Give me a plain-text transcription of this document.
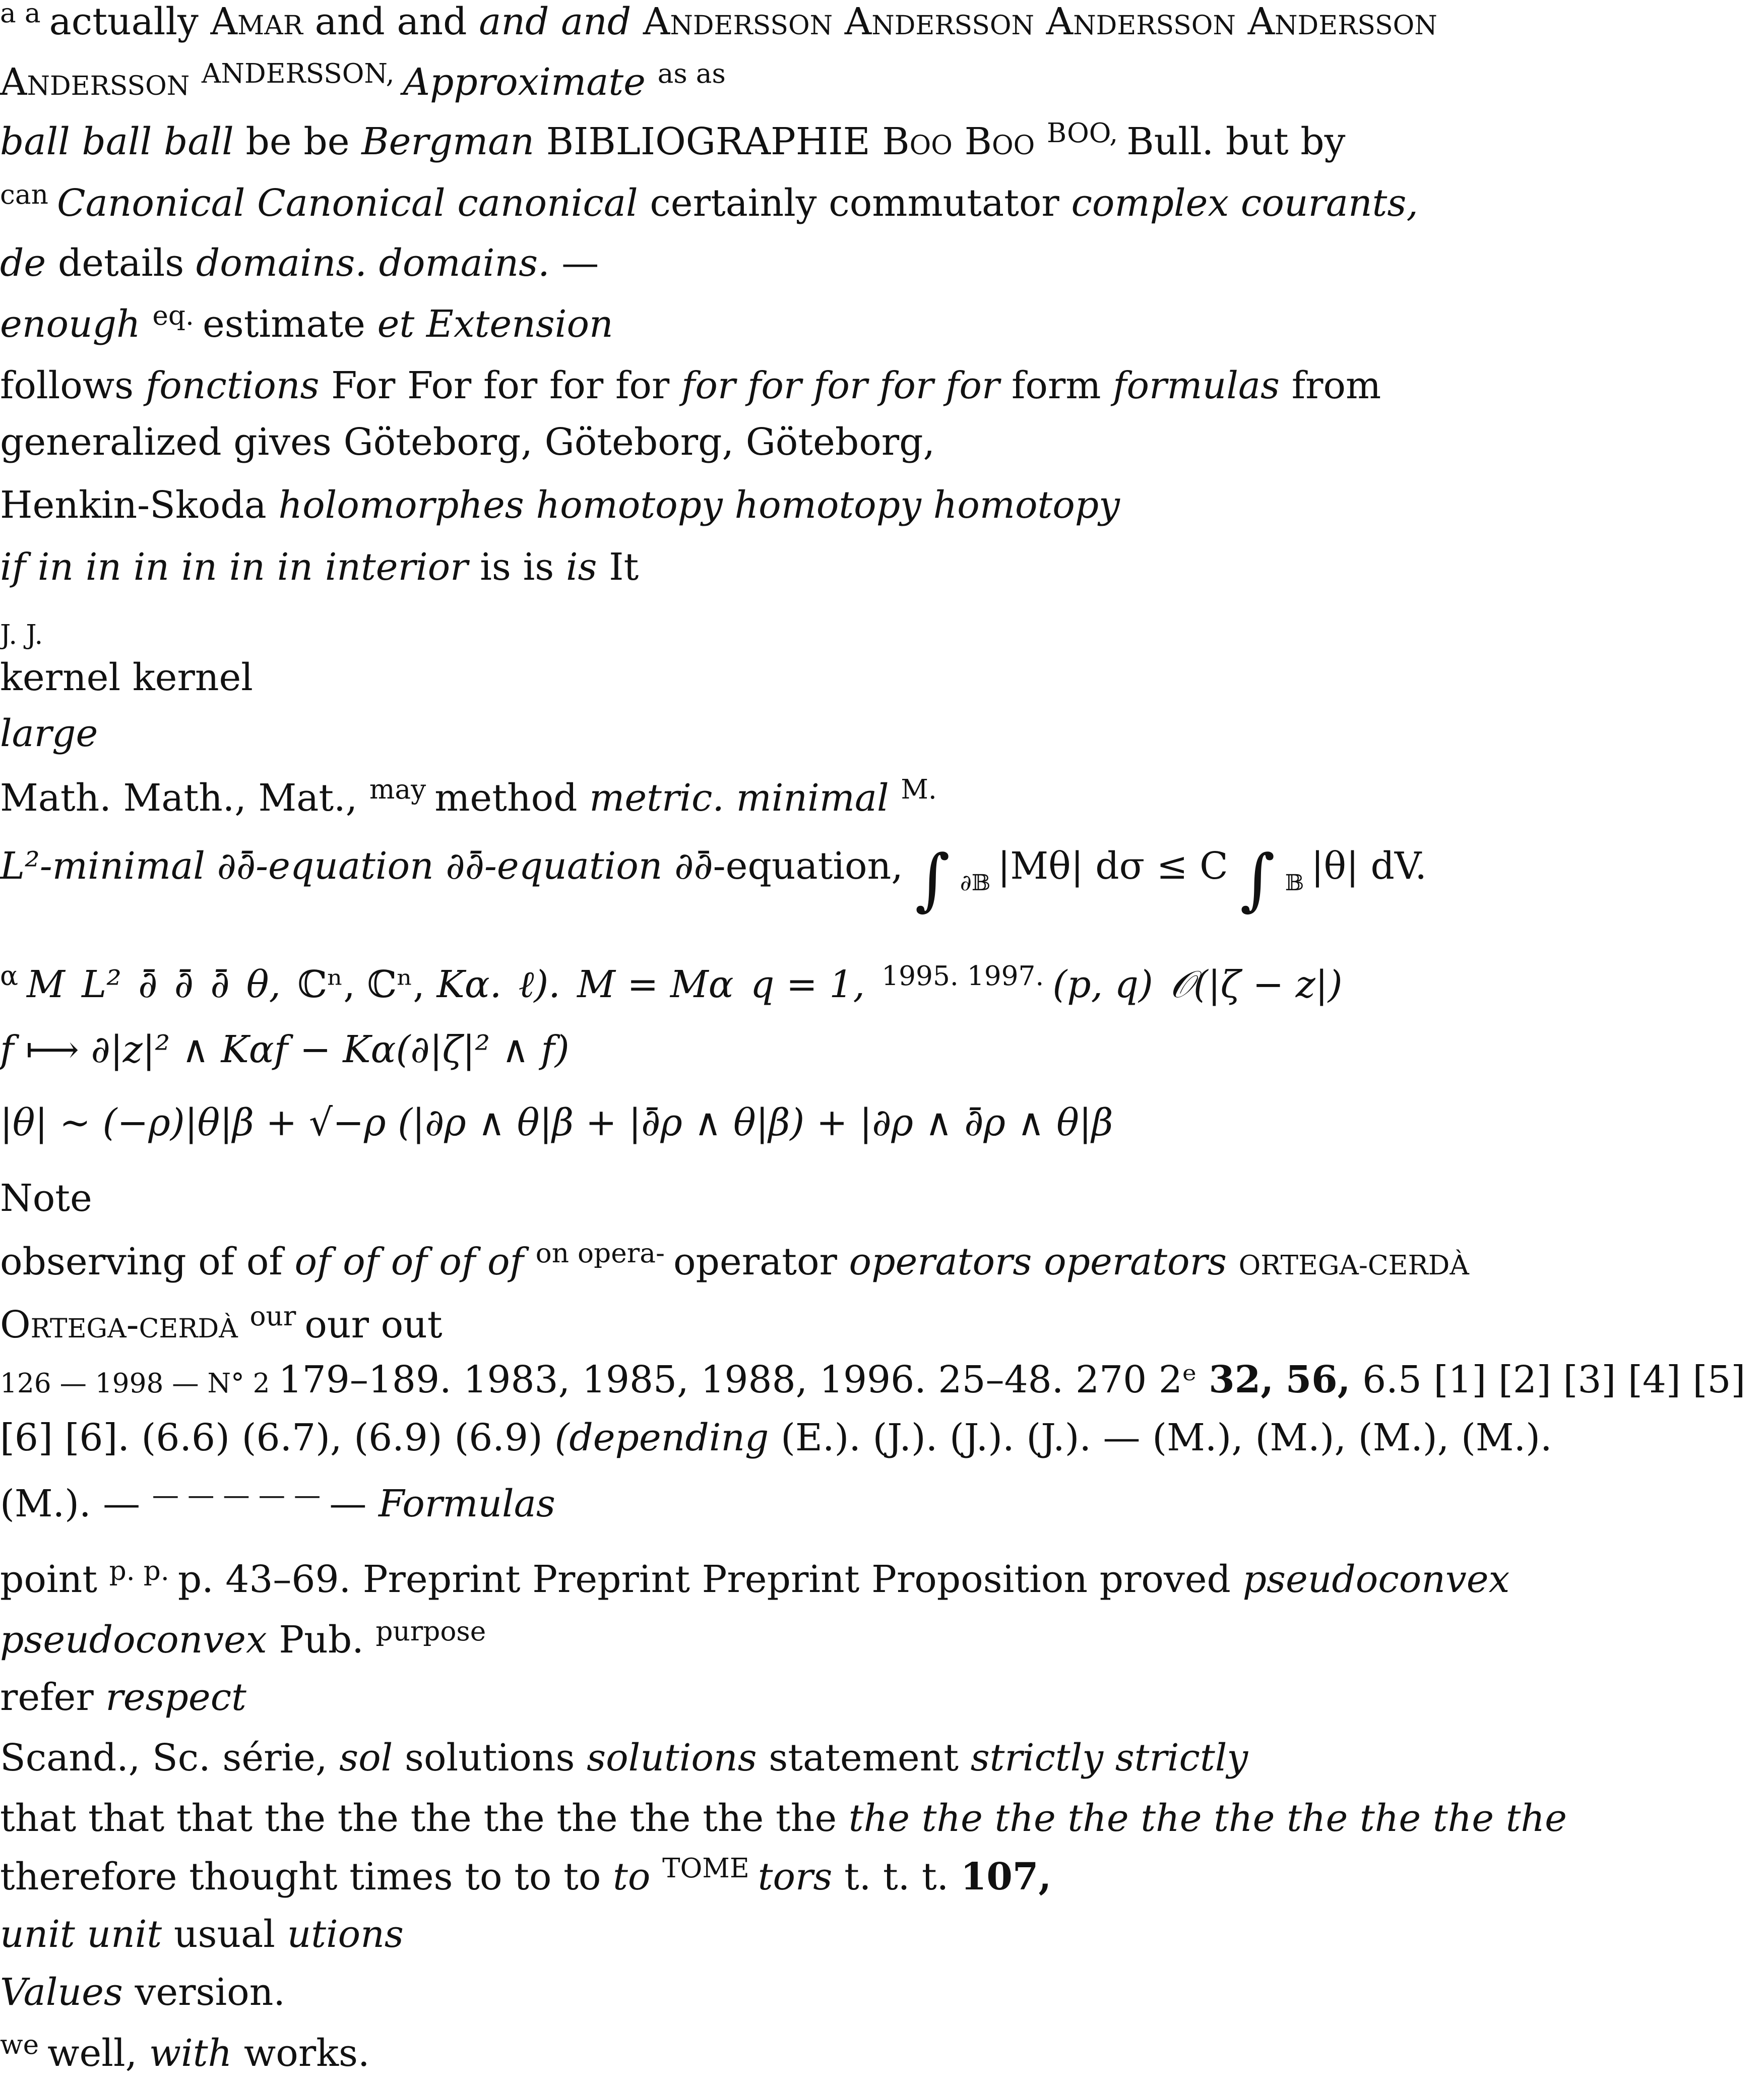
a a actually Amar and and and and Andersson Andersson Andersson Andersson
Andersson ANDERSSON, Approximate as as
ball ball ball be be Bergman BIBLIOGRAPHIE Boo Boo BOO, Bull. but by
can Canonical Canonical canonical certainly commutator complex courants,
de details domains. domains. —
enough eq. estimate et Extension
follows fonctions For For for for for for for for for for form formulas from
generalized gives Göteborg, Göteborg, Göteborg,
Henkin-Skoda holomorphes homotopy homotopy homotopy
if in in in in in in interior is is is It
J. J.
kernel kernel
large
Math. Math., Mat., may method metric. minimal M.
L²-minimal ∂∂̄-equation ∂∂̄-equation ∂∂̄-equation, ∫ ∂𝔹 |Mθ| dσ ≤ C ∫ 𝔹 |θ| dV.
α M L² ∂̄ ∂̄ ∂̄ θ, ℂⁿ, ℂⁿ, Kα. ℓ). M = Mα q = 1, 1995. 1997. (p, q) 𝒪(|ζ − z|)
f ⟼ ∂|z|² ∧ Kαf − Kα(∂|ζ|² ∧ f)
|θ| ∼ (−ρ)|θ|β + √−ρ (|∂ρ ∧ θ|β + |∂̄ρ ∧ θ|β) + |∂ρ ∧ ∂̄ρ ∧ θ|β
Note
observing of of of of of of of on opera- operator operators operators ORTEGA-CERDÀ
Ortega-cerdà our our out
126 — 1998 — N° 2 179–189. 1983, 1985, 1988, 1996. 25–48. 270 2ᵉ 32, 56, 6.5 [1] [2] [3] [4] [5]
[6] [6]. (6.6) (6.7), (6.9) (6.9) (depending (E.). (J.). (J.). (J.). — (M.), (M.), (M.), (M.).
(M.). — — — — — — — Formulas
point p. p. p. 43–69. Preprint Preprint Preprint Proposition proved pseudoconvex
pseudoconvex Pub. purpose
refer respect
Scand., Sc. série, sol solutions solutions statement strictly strictly
that that that the the the the the the the the the the the the the the the the the the
therefore thought times to to to to TOME tors t. t. t. 107,
unit unit usual utions
Values version.
we well, with works.
